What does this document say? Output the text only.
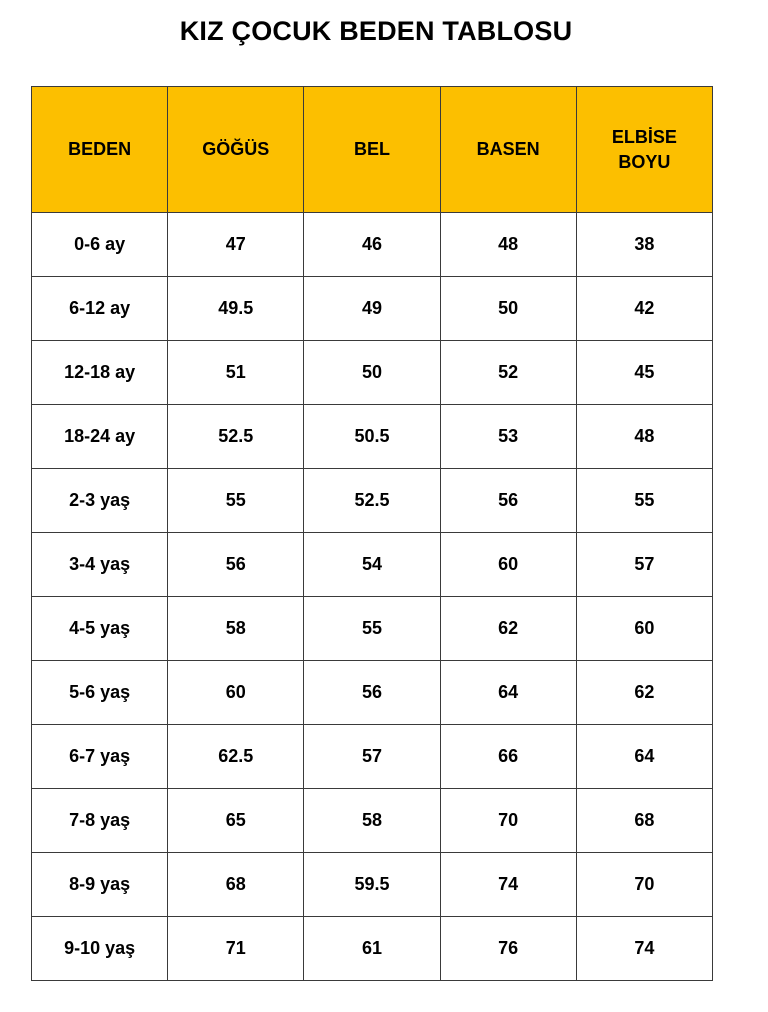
KIZ ÇOCUK BEDEN TABLOSU
BEDEN	GÖĞÜS	BEL	BASEN	ELBİSE
BOYU
0-6 ay	47	46	48	38
6-12 ay	49.5	49	50	42
12-18 ay	51	50	52	45
18-24 ay	52.5	50.5	53	48
2-3 yaş	55	52.5	56	55
3-4 yaş	56	54	60	57
4-5 yaş	58	55	62	60
5-6 yaş	60	56	64	62
6-7 yaş	62.5	57	66	64
7-8 yaş	65	58	70	68
8-9 yaş	68	59.5	74	70
9-10 yaş	71	61	76	74
